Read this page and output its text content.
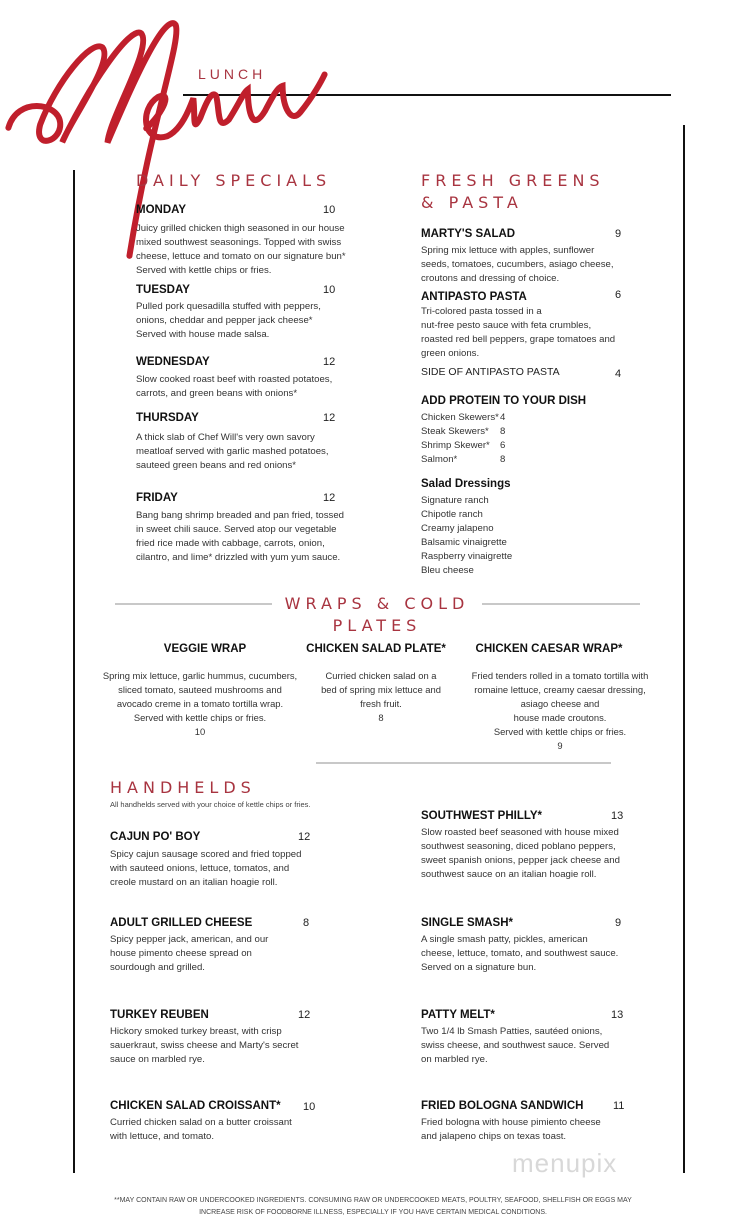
LUNCH
DAILY SPECIALS
MONDAY	10
Juicy grilled chicken thigh seasoned in our house
mixed southwest seasonings. Topped with swiss
cheese, lettuce and tomato on our signature bun*
Served with kettle chips or fries.
TUESDAY	10
Pulled pork quesadilla stuffed with peppers,
onions, cheddar and pepper jack cheese*
Served with house made salsa.
WEDNESDAY	12
Slow cooked roast beef with roasted potatoes,
carrots, and green beans with onions*
THURSDAY	12
A thick slab of Chef Will's very own savory
meatloaf served with garlic mashed potatoes,
sauteed green beans and red onions*
FRIDAY	12
Bang bang shrimp breaded and pan fried, tossed
in sweet chili sauce. Served atop our vegetable
fried rice made with cabbage, carrots, onion,
cilantro, and lime* drizzled with yum yum sauce.
FRESH GREENS
& PASTA
MARTY'S SALAD	9
Spring mix lettuce with apples, sunflower
seeds, tomatoes, cucumbers, asiago cheese,
croutons and dressing of choice.
ANTIPASTO PASTA	6
Tri-colored pasta tossed in a
nut-free pesto sauce with feta crumbles,
roasted red bell peppers, grape tomatoes and
green onions.
SIDE OF ANTIPASTO PASTA	4
ADD PROTEIN TO YOUR DISH
Chicken Skewers* 4
Steak Skewers* 8
Shrimp Skewer* 6
Salmon*	8
Salad Dressings
Signature ranch
Chipotle ranch
Creamy jalapeno
Balsamic vinaigrette
Raspberry vinaigrette
Bleu cheese
WRAPS & COLD
PLATES
VEGGIE WRAP	CHICKEN SALAD PLATE*	CHICKEN CAESAR WRAP*
Spring mix lettuce, garlic hummus, cucumbers,
sliced tomato, sauteed mushrooms and
avocado creme in a tomato tortilla wrap.
Served with kettle chips or fries.
10
Curried chicken salad on a
bed of spring mix lettuce and
fresh fruit.
8
Fried tenders rolled in a tomato tortilla with
romaine lettuce, creamy caesar dressing,
asiago cheese and
house made croutons.
Served with kettle chips or fries.
9
HANDHELDS
All handhelds served with your choice of kettle chips or fries.
CAJUN PO' BOY	12
Spicy cajun sausage scored and fried topped
with sauteed onions, lettuce, tomatos, and
creole mustard on an italian hoagie roll.
ADULT GRILLED CHEESE	8
Spicy pepper jack, american, and our
house pimento cheese spread on
sourdough and grilled.
TURKEY REUBEN	12
Hickory smoked turkey breast, with crisp
sauerkraut, swiss cheese and Marty's secret
sauce on marbled rye.
CHICKEN SALAD CROISSANT* 10
Curried chicken salad on a butter croissant
with lettuce, and tomato.
SOUTHWEST PHILLY*	13
Slow roasted beef seasoned with house mixed
southwest seasoning, diced poblano peppers,
sweet spanish onions, pepper jack cheese and
southwest sauce on an italian hoagie roll.
SINGLE SMASH*	9
A single smash patty, pickles, american
cheese, lettuce, tomato, and southwest sauce.
Served on a signature bun.
PATTY MELT*	13
Two 1/4 lb Smash Patties, sautéed onions,
swiss cheese, and southwest sauce. Served
on marbled rye.
FRIED BOLOGNA SANDWICH	11
Fried bologna with house pimiento cheese
and jalapeno chips on texas toast.
menupix
**MAY CONTAIN RAW OR UNDERCOOKED INGREDIENTS. CONSUMING RAW OR UNDERCOOKED MEATS, POULTRY, SEAFOOD, SHELLFISH OR EGGS MAY
INCREASE RISK OF FOODBORNE ILLNESS, ESPECIALLY IF YOU HAVE CERTAIN MEDICAL CONDITIONS.
